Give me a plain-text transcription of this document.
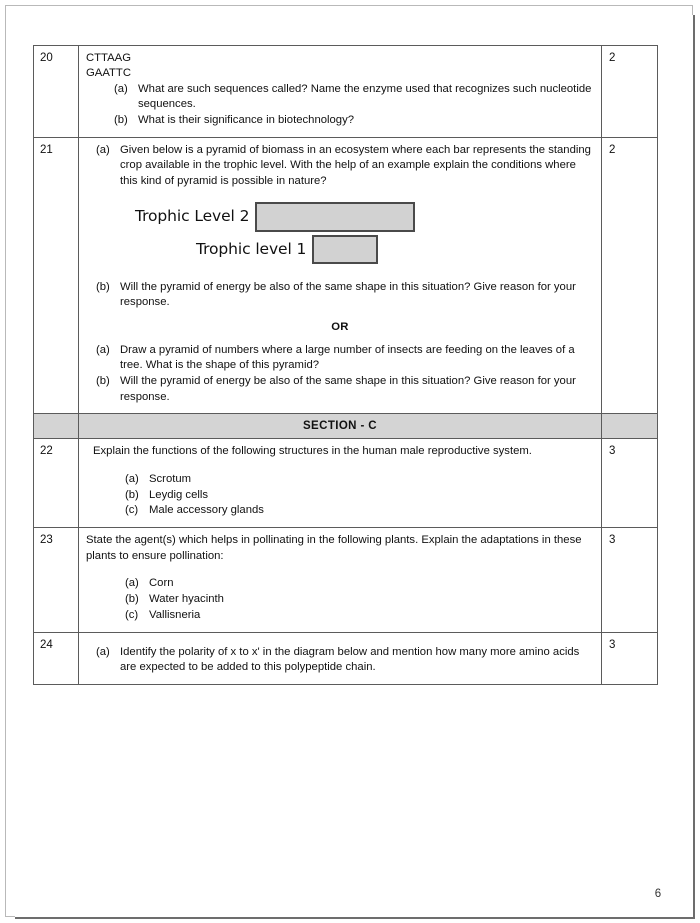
20	CTTAAG

GAATTC

(a) What are such sequences called? Name the enzyme used that recognizes such nucleotide sequences.
(b) What is their significance in biotechnology?

2

21	(a) Given below is a pyramid of biomass in an ecosystem where each bar represents the standing crop available in the trophic level. With the help of an example explain the conditions where this kind of pyramid is possible in nature?
Trophic Level 2
Trophic level 1
(b) Will the pyramid of energy be also of the same shape in this situation? Give reason for your response.
OR
(a) Draw a pyramid of numbers where a large number of insects are feeding on the leaves of a tree. What is the shape of this pyramid?
(b) Will the pyramid of energy be also of the same shape in this situation? Give reason for your response.

2

	SECTION - C	

22	Explain the functions of the following structures in the human male reproductive system.

(a) Scrotum
(b) Leydig cells
(c) Male accessory glands

3

23	State the agent(s) which helps in pollinating in the following plants. Explain the adaptations in these plants to ensure pollination:

(a) Corn
(b) Water hyacinth
(c) Vallisneria

3

24

(a) Identify the polarity of x to x' in the diagram below and mention how many more amino acids are expected to be added to this polypeptide chain.

3
6
